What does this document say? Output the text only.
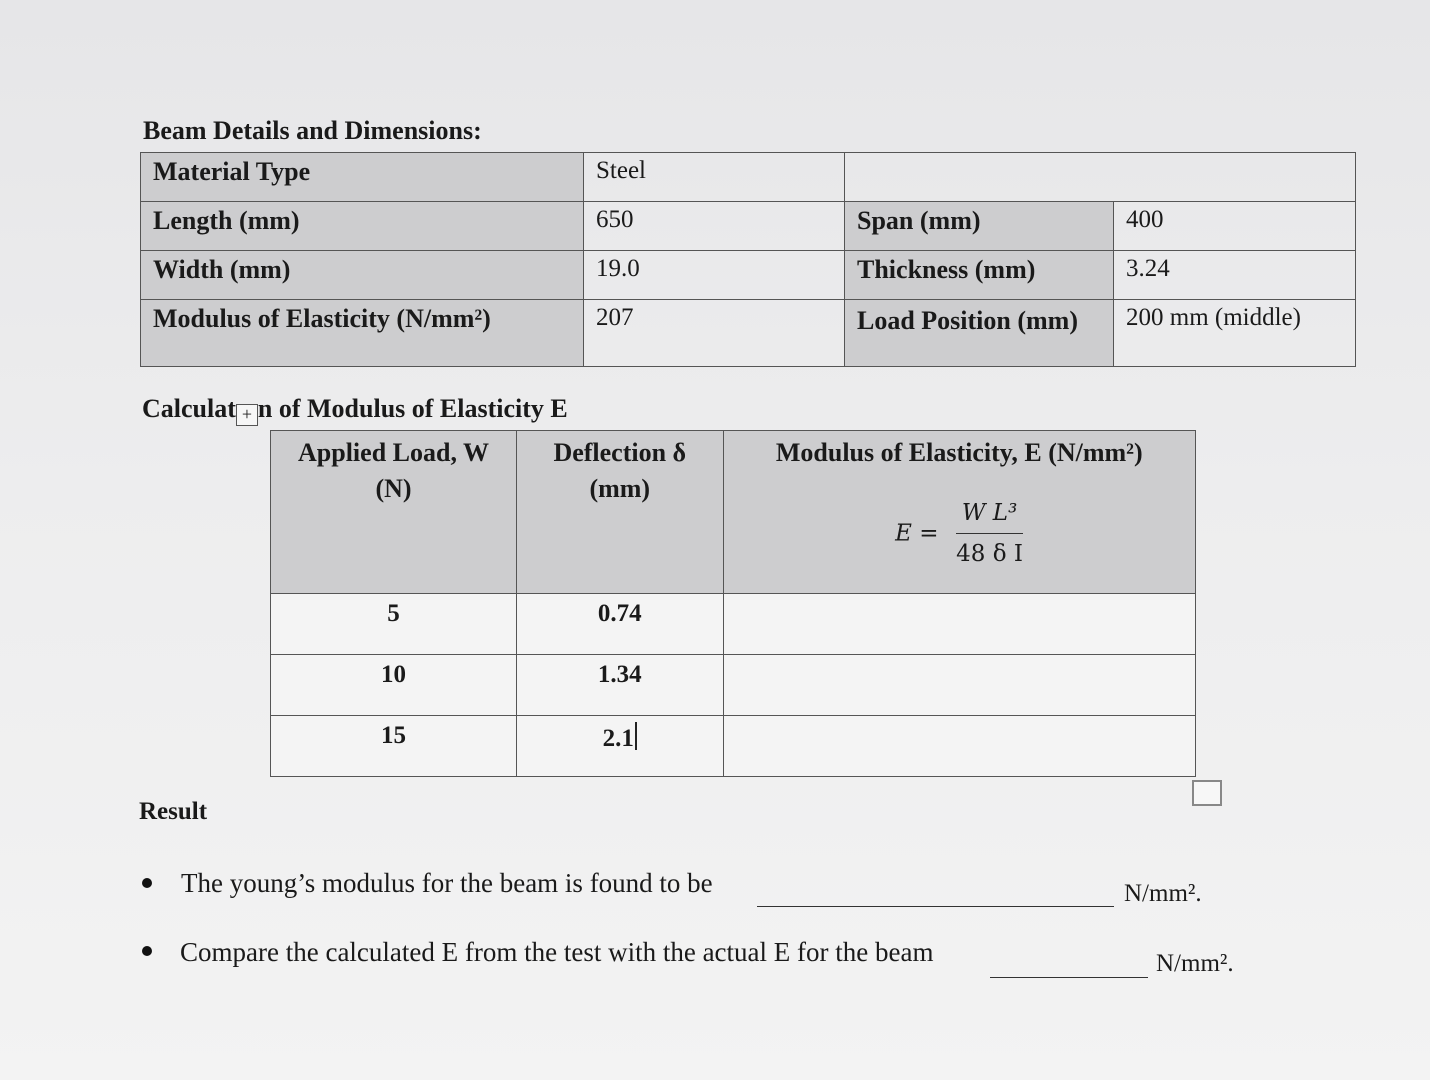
Beam Details and Dimensions:
Material Type	Steel		
Length (mm)	650	Span (mm)	400
Width (mm)	19.0	Thickness (mm)	3.24
Modulus of Elasticity (N/mm²)	207	Load Position (mm)	200 mm (middle)
Calculat + n of Modulus of Elasticity E
Applied Load, W (N)	Deflection δ (mm)	Modulus of Elasticity, E (N/mm²)
$E = \frac{\text{W L³}}{\text{48 δ I}}$

5	0.74	
10	1.34	
15	2.1	
Result
The young’s modulus for the beam is found to be	N/mm².
Compare the calculated E from the test with the actual E for the beam	N/mm².
